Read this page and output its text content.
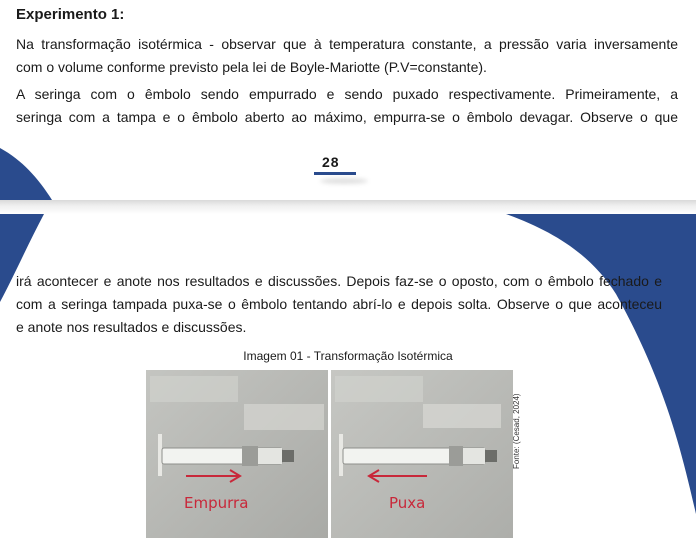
Experimento 1:

Na transformação isotérmica - observar que à temperatura constante, a pressão varia inversamente

com o volume conforme previsto pela lei de Boyle-Mariotte (P.V=constante).

A seringa com o êmbolo sendo empurrado e sendo puxado respectivamente. Primeiramente, a

seringa com a tampa e o êmbolo aberto ao máximo, empurra-se o êmbolo devagar. Observe o que

28

irá acontecer e anote nos resultados e discussões. Depois faz-se o oposto, com o êmbolo fechado e

com a seringa tampada puxa-se o êmbolo tentando abrí-lo e depois solta. Observe o que aconteceu

e anote nos resultados e discussões.

Imagem 01 - Transformação Isotérmica

Empurra	Puxa
Fonte: (Cesad, 2024)
